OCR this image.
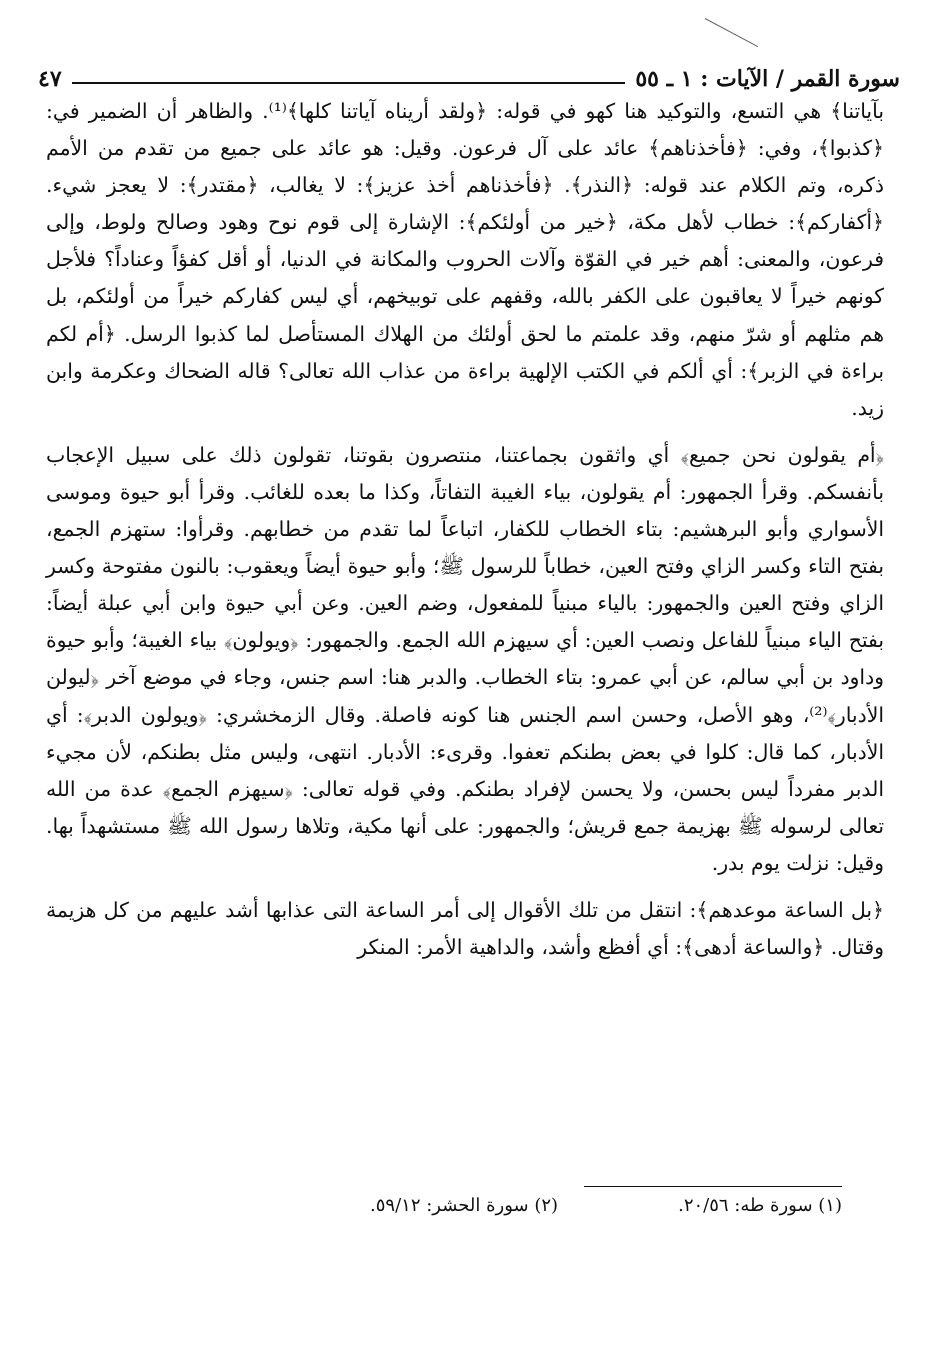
سورة القمر / الآيات : ١ ـ ٥٥
٤٧

بآياتنا﴾ هي التسع، والتوكيد هنا كهو في قوله: ﴿ولقد أريناه آياتنا كلها﴾⁽¹⁾. والظاهر أن الضمير في: ﴿كذبوا﴾، وفي: ﴿فأخذناهم﴾ عائد على آل فرعون. وقيل: هو عائد على جميع من تقدم من الأمم ذكره، وتم الكلام عند قوله: ﴿النذر﴾. ﴿فأخذناهم أخذ عزيز﴾: لا يغالب، ﴿مقتدر﴾: لا يعجز شيء. ﴿أكفاركم﴾: خطاب لأهل مكة، ﴿خير من أولئكم﴾: الإشارة إلى قوم نوح وهود وصالح ولوط، وإلى فرعون، والمعنى: أهم خير في القوّة وآلات الحروب والمكانة في الدنيا، أو أقل كفؤاً وعناداً؟ فلأجل كونهم خيراً لا يعاقبون على الكفر بالله، وقفهم على توبيخهم، أي ليس كفاركم خيراً من أولئكم، بل هم مثلهم أو شرّ منهم، وقد علمتم ما لحق أولئك من الهلاك المستأصل لما كذبوا الرسل. ﴿أم لكم براءة في الزبر﴾: أي ألكم في الكتب الإلهية براءة من عذاب الله تعالى؟ قاله الضحاك وعكرمة وابن زيد.

﴿أم يقولون نحن جميع﴾ أي واثقون بجماعتنا، منتصرون بقوتنا، تقولون ذلك على سبيل الإعجاب بأنفسكم. وقرأ الجمهور: أم يقولون، بياء الغيبة التفاتاً، وكذا ما بعده للغائب. وقرأ أبو حيوة وموسى الأسواري وأبو البرهشيم: بتاء الخطاب للكفار، اتباعاً لما تقدم من خطابهم. وقرأوا: ستهزم الجمع، بفتح التاء وكسر الزاي وفتح العين، خطاباً للرسول ﷺ؛ وأبو حيوة أيضاً ويعقوب: بالنون مفتوحة وكسر الزاي وفتح العين والجمهور: بالياء مبنياً للمفعول، وضم العين. وعن أبي حيوة وابن أبي عبلة أيضاً: بفتح الياء مبنياً للفاعل ونصب العين: أي سيهزم الله الجمع. والجمهور: ﴿ويولون﴾ بياء الغيبة؛ وأبو حيوة وداود بن أبي سالم، عن أبي عمرو: بتاء الخطاب. والدبر هنا: اسم جنس، وجاء في موضع آخر ﴿ليولن الأدبار﴾⁽²⁾، وهو الأصل، وحسن اسم الجنس هنا كونه فاصلة. وقال الزمخشري: ﴿ويولون الدبر﴾: أي الأدبار، كما قال: كلوا في بعض بطنكم تعفوا. وقرىء: الأدبار. انتهى، وليس مثل بطنكم، لأن مجيء الدبر مفرداً ليس بحسن، ولا يحسن لإفراد بطنكم. وفي قوله تعالى: ﴿سيهزم الجمع﴾ عدة من الله تعالى لرسوله ﷺ بهزيمة جمع قريش؛ والجمهور: على أنها مكية، وتلاها رسول الله ﷺ مستشهداً بها. وقيل: نزلت يوم بدر.

﴿بل الساعة موعدهم﴾: انتقل من تلك الأقوال إلى أمر الساعة التى عذابها أشد عليهم من كل هزيمة وقتال. ﴿والساعة أدهى﴾: أي أفظع وأشد، والداهية الأمر: المنكر

(١) سورة طه: ٢٠/٥٦.
(٢) سورة الحشر: ٥٩/١٢.
